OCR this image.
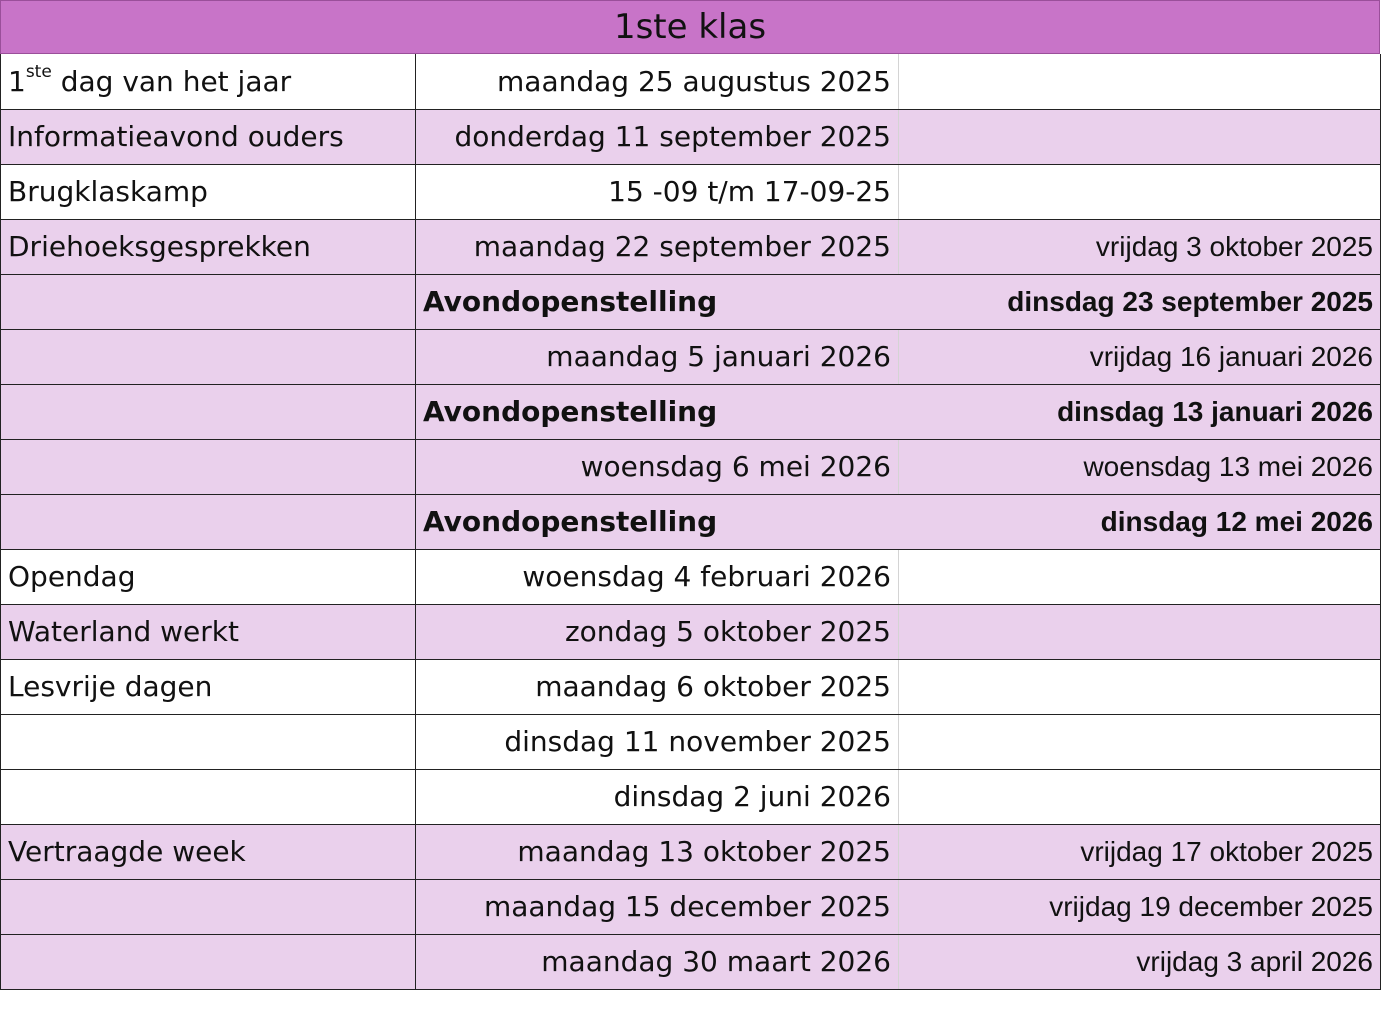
1ste klas
1ste dag van het jaar	maandag 25 augustus 2025	
Informatieavond ouders	donderdag 11 september 2025	
Brugklaskamp	15 -09 t/m 17-09-25	
Driehoeksgesprekken	maandag 22 september 2025	vrijdag 3 oktober 2025
	Avondopenstelling	dinsdag 23 september 2025
	maandag 5 januari 2026	vrijdag 16 januari 2026
	Avondopenstelling	dinsdag 13 januari 2026
	woensdag 6 mei 2026	woensdag 13 mei 2026
	Avondopenstelling	dinsdag 12 mei 2026
Opendag	woensdag 4 februari 2026	
Waterland werkt	zondag 5 oktober 2025	
Lesvrije dagen	maandag 6 oktober 2025	
	dinsdag 11 november 2025	
	dinsdag 2 juni 2026	
Vertraagde week	maandag 13 oktober 2025	vrijdag 17 oktober 2025
	maandag 15 december 2025	vrijdag 19 december 2025
	maandag 30 maart 2026	vrijdag 3 april 2026
